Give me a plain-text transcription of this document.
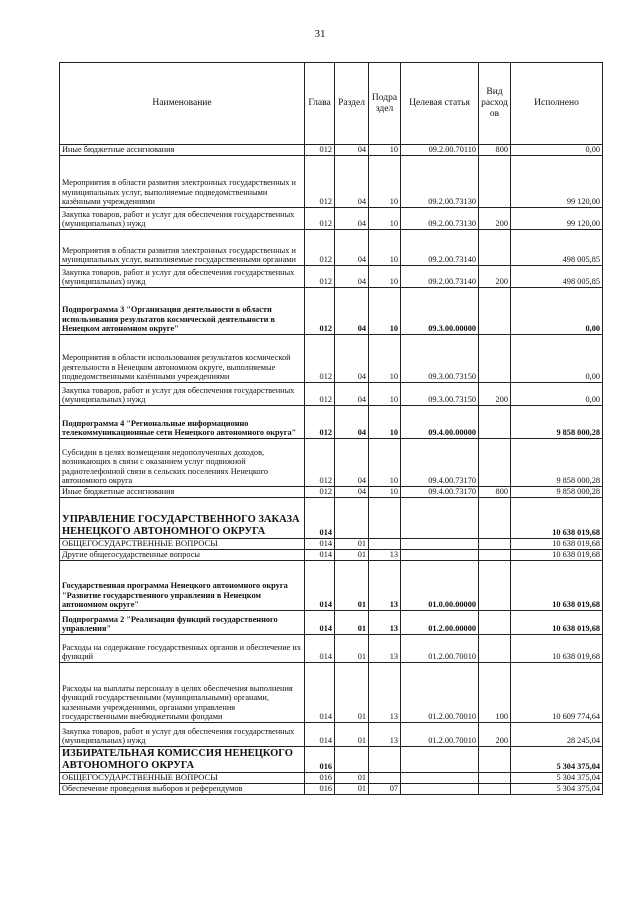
31
Наименование	Глава	Раздел	Подра
здел	Целевая статья	Вид
расход
ов	Исполнено
Иные бюджетные ассигнования	012	04	10	09.2.00.70110	800	0,00
Мероприятия в области развития электронных государственных и муниципальных услуг, выполняемые подведомственными казёнными учреждениями	012	04	10	09.2.00.73130		99 120,00
Закупка товаров, работ и услуг для обеспечения государственных (муниципальных) нужд	012	04	10	09.2.00.73130	200	99 120,00
Мероприятия в области развития электронных государственных и муниципальных услуг, выполняемые государственными органами	012	04	10	09.2.00.73140		498 005,85
Закупка товаров, работ и услуг для обеспечения государственных (муниципальных) нужд	012	04	10	09.2.00.73140	200	498 005,85
Подпрограмма 3 "Организация деятельности в области использования результатов космической деятельности в Ненецком автономном округе"	012	04	10	09.3.00.00000		0,00
Мероприятия в области использования результатов космической деятельности в Ненецком автономном округе, выполняемые подведомственными казёнными учреждениями	012	04	10	09.3.00.73150		0,00
Закупка товаров, работ и услуг для обеспечения государственных (муниципальных) нужд	012	04	10	09.3.00.73150	200	0,00
Подпрограмма 4 "Региональные информационно телекоммуникационные сети Ненецкого автономного округа"	012	04	10	09.4.00.00000		9 858 000,28
Субсидии в целях возмещения недополученных доходов, возникающих в связи с оказанием услуг подвижной радиотелефонной связи в сельских поселениях Ненецкого автономного округа	012	04	10	09.4.00.73170		9 858 000,28
Иные бюджетные ассигнования	012	04	10	09.4.00.73170	800	9 858 000,28
УПРАВЛЕНИЕ ГОСУДАРСТВЕННОГО ЗАКАЗА НЕНЕЦКОГО АВТОНОМНОГО ОКРУГА	014					10 638 019,68
ОБЩЕГОСУДАРСТВЕННЫЕ ВОПРОСЫ	014	01				10 638 019,68
Другие общегосударственные вопросы	014	01	13			10 638 019,68
Государственная программа Ненецкого автономного округа "Развитие государственного управления в Ненецком автономном округе"	014	01	13	01.0.00.00000		10 638 019,68
Подпрограмма 2 "Реализация функций государственного управления"	014	01	13	01.2.00.00000		10 638 019,68
Расходы на содержание государственных органов и обеспечение их функций	014	01	13	01.2.00.70010		10 638 019,68
Расходы на выплаты персоналу в целях обеспечения выполнения функций государственными (муниципальными) органами, казенными учреждениями, органами управления государственными внебюджетными фондами	014	01	13	01.2.00.70010	100	10 609 774,64
Закупка товаров, работ и услуг для обеспечения государственных (муниципальных) нужд	014	01	13	01.2.00.70010	200	28 245,04
ИЗБИРАТЕЛЬНАЯ КОМИССИЯ НЕНЕЦКОГО АВТОНОМНОГО ОКРУГА	016					5 304 375,04
ОБЩЕГОСУДАРСТВЕННЫЕ ВОПРОСЫ	016	01				5 304 375,04
Обеспечение проведения выборов и референдумов	016	01	07			5 304 375,04
